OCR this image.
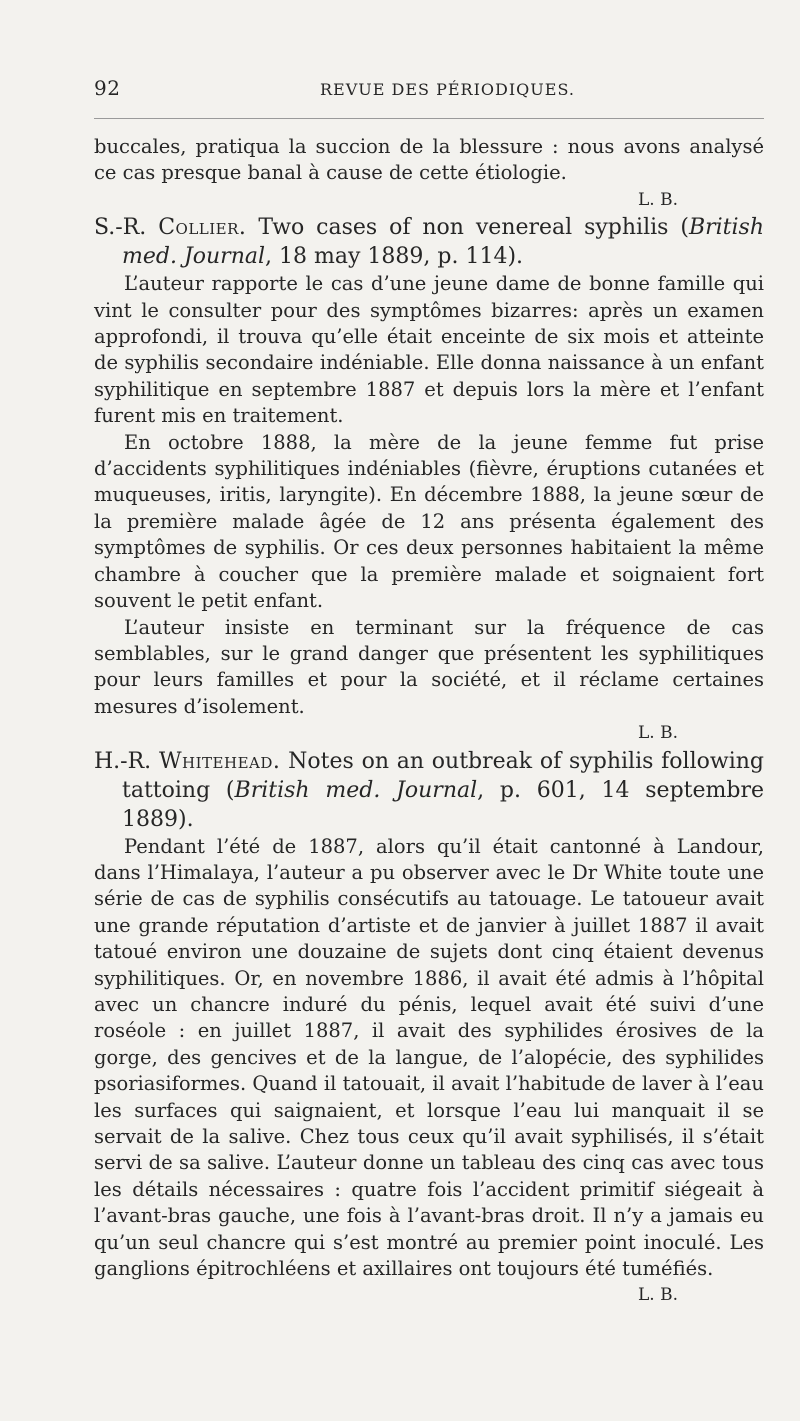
92	REVUE DES PÉRIODIQUES.

buccales, pratiqua la succion de la blessure : nous avons analysé ce cas presque banal à cause de cette étiologie.

L. B.

S.-R. Collier. Two cases of non venereal syphilis (British med. Journal, 18 may 1889, p. 114).

L’auteur rapporte le cas d’une jeune dame de bonne famille qui vint le consulter pour des symptômes bizarres: après un examen approfondi, il trouva qu’elle était enceinte de six mois et atteinte de syphilis secondaire indéniable. Elle donna naissance à un enfant syphilitique en septembre 1887 et depuis lors la mère et l’enfant furent mis en traitement.

En octobre 1888, la mère de la jeune femme fut prise d’accidents syphilitiques indéniables (fièvre, éruptions cutanées et muqueuses, iritis, laryngite). En décembre 1888, la jeune sœur de la première malade âgée de 12 ans présenta également des symptômes de syphilis. Or ces deux personnes habitaient la même chambre à coucher que la première malade et soignaient fort souvent le petit enfant.

L’auteur insiste en terminant sur la fréquence de cas semblables, sur le grand danger que présentent les syphilitiques pour leurs familles et pour la société, et il réclame certaines mesures d’isolement.

L. B.

H.-R. Whitehead. Notes on an outbreak of syphilis following tattoing (British med. Journal, p. 601, 14 septembre 1889).

Pendant l’été de 1887, alors qu’il était cantonné à Landour, dans l’Himalaya, l’auteur a pu observer avec le Dr White toute une série de cas de syphilis consécutifs au tatouage. Le tatoueur avait une grande réputation d’artiste et de janvier à juillet 1887 il avait tatoué environ une douzaine de sujets dont cinq étaient devenus syphilitiques. Or, en novembre 1886, il avait été admis à l’hôpital avec un chancre induré du pénis, lequel avait été suivi d’une roséole : en juillet 1887, il avait des syphilides érosives de la gorge, des gencives et de la langue, de l’alopécie, des syphilides psoriasiformes. Quand il tatouait, il avait l’habitude de laver à l’eau les surfaces qui saignaient, et lorsque l’eau lui manquait il se servait de la salive. Chez tous ceux qu’il avait syphilisés, il s’était servi de sa salive. L’auteur donne un tableau des cinq cas avec tous les détails nécessaires : quatre fois l’accident primitif siégeait à l’avant-bras gauche, une fois à l’avant-bras droit. Il n’y a jamais eu qu’un seul chancre qui s’est montré au premier point inoculé. Les ganglions épitrochléens et axillaires ont toujours été tuméfiés.

L. B.
